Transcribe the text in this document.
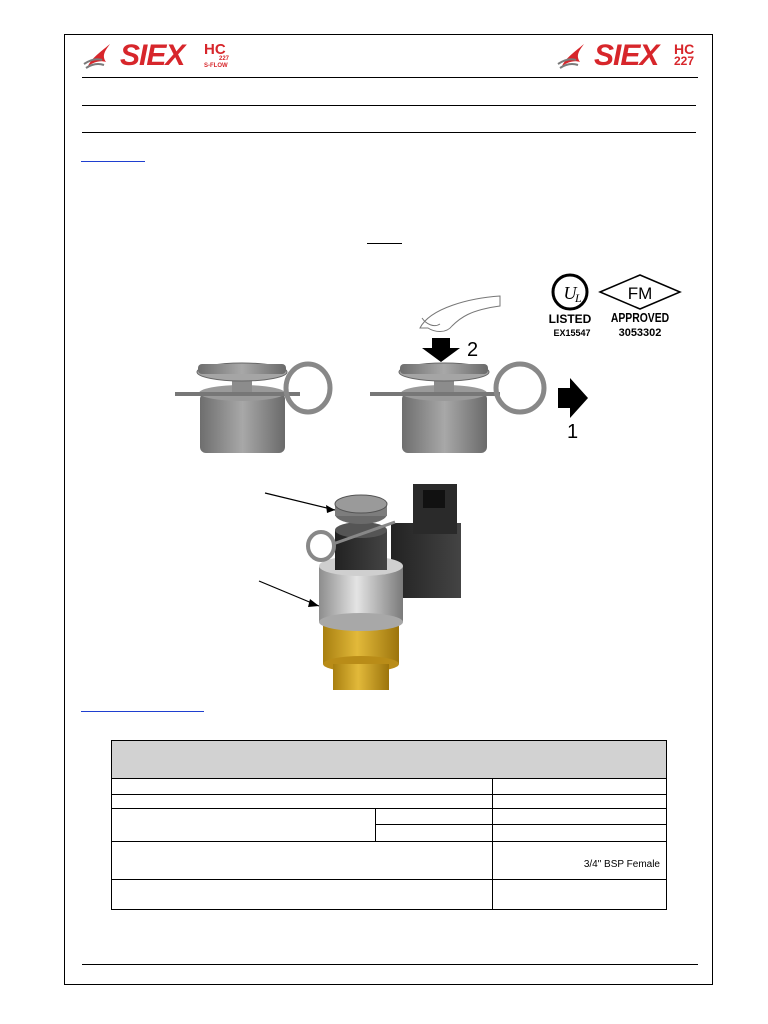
SIEX HC
227
S-FLOW	SIEX HC
227
U
L
LISTED
EX15547
FM
APPROVED
3053302
2
1

		3/4" BSP Female
